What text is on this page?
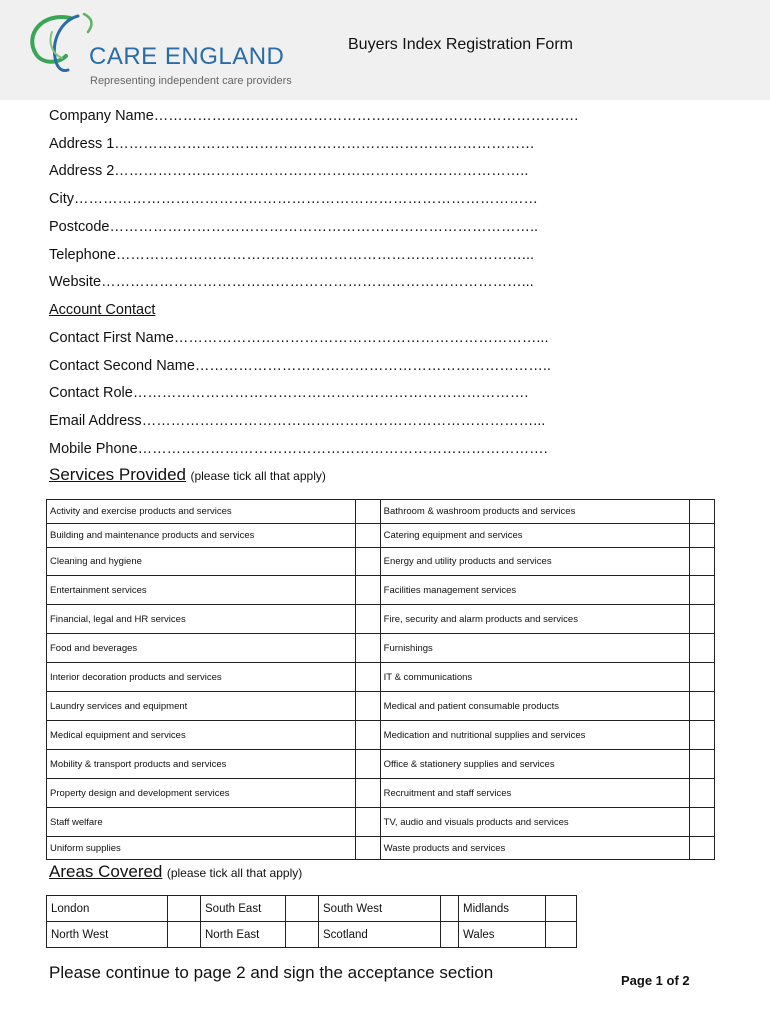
CARE ENGLAND
Representing independent care providers
Buyers Index Registration Form
Company Name…………………………………………………………………………….
Address 1……………………………………………………………………………
Address 2…………………………………………………………………………..
City……………………………………………………………………………………
Postcode……………………………………………………………………………..
Telephone…………………………………………………………………………...
Website……………………………………………………………………………...
Account Contact
Contact First Name…………………………………………………………………...
Contact Second Name………………………………………………………………..
Contact Role……………………………………………………………………….
Email Address………………………………………………………………………...
Mobile Phone………………………………………………………………………….
Services Provided (please tick all that apply)
Activity and exercise products and services		Bathroom & washroom products and services	
Building and maintenance products and services		Catering equipment and services	
Cleaning and hygiene		Energy and utility products and services	
Entertainment services		Facilities management services	
Financial, legal and HR services		Fire, security and alarm products and services	
Food and beverages		Furnishings	
Interior decoration products and services		IT & communications	
Laundry services and equipment		Medical and patient consumable products	
Medical equipment and services		Medication and nutritional supplies and services	
Mobility & transport products and services		Office & stationery supplies and services	
Property design and development services		Recruitment and staff services	
Staff welfare		TV, audio and visuals products and services	
Uniform supplies		Waste products and services	
Areas Covered (please tick all that apply)
London		South East		South West		Midlands	
North West		North East		Scotland		Wales	
Please continue to page 2 and sign the acceptance section	Page 1 of 2
